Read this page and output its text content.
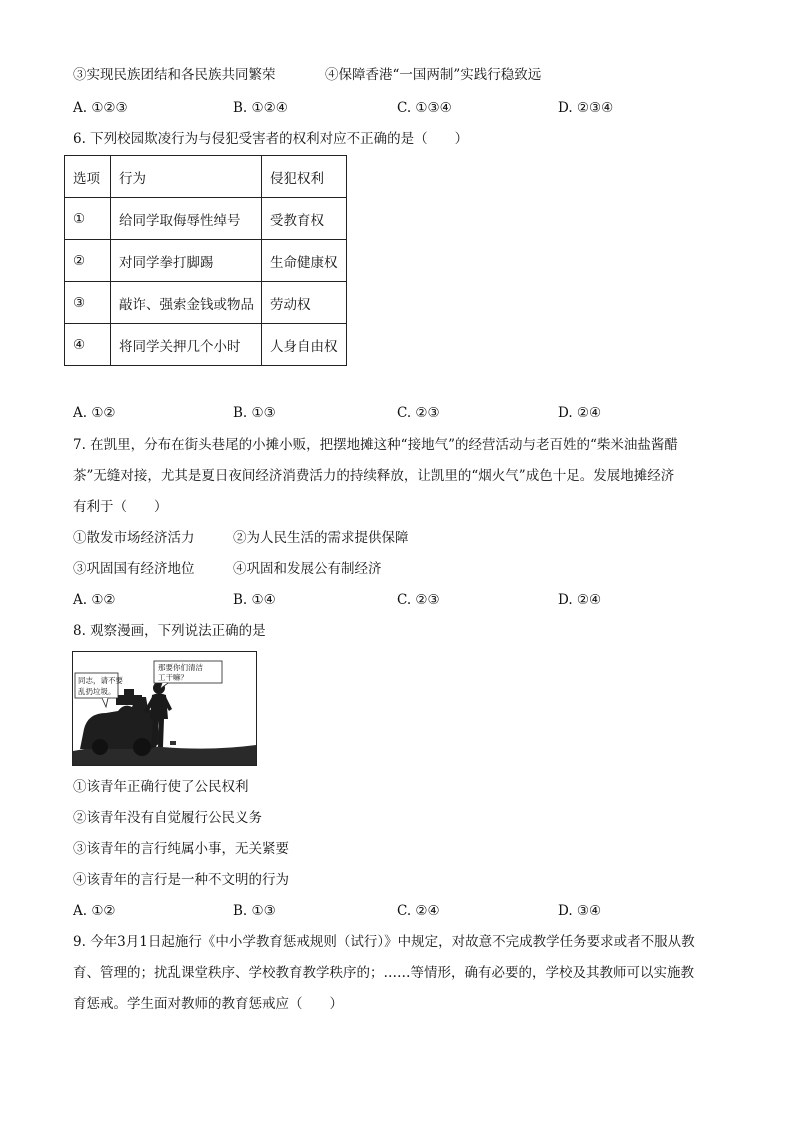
③实现民族团结和各民族共同繁荣	④保障香港“一国两制”实践行稳致远
A. ①②③	B. ①②④	C. ①③④	D. ②③④
6. 下列校园欺凌行为与侵犯受害者的权利对应不正确的是（　　）
选项	行为	侵犯权利
①	给同学取侮辱性绰号	受教育权
②	对同学拳打脚踢	生命健康权
③	敲诈、强索金钱或物品	劳动权
④	将同学关押几个小时	人身自由权
A. ①②	B. ①③	C. ②③	D. ②④
7. 在凯里，分布在街头巷尾的小摊小贩，把摆地摊这种“接地气”的经营活动与老百姓的“柴米油盐酱醋
茶”无缝对接，尤其是夏日夜间经济消费活力的持续释放，让凯里的“烟火气”成色十足。发展地摊经济
有利于（　　）
①散发市场经济活力	②为人民生活的需求提供保障
③巩固国有经济地位	④巩固和发展公有制经济
A. ①②	B. ①④	C. ②③	D. ②④
8. 观察漫画，下列说法正确的是
同志，请不要
乱扔垃圾。
那要你们清洁
工干嘛？
①该青年正确行使了公民权利
②该青年没有自觉履行公民义务
③该青年的言行纯属小事，无关紧要
④该青年的言行是一种不文明的行为
A. ①②	B. ①③	C. ②④	D. ③④
9. 今年3月1日起施行《中小学教育惩戒规则（试行）》中规定，对故意不完成教学任务要求或者不服从教
育、管理的；扰乱课堂秩序、学校教育教学秩序的；……等情形，确有必要的，学校及其教师可以实施教
育惩戒。学生面对教师的教育惩戒应（　　）
